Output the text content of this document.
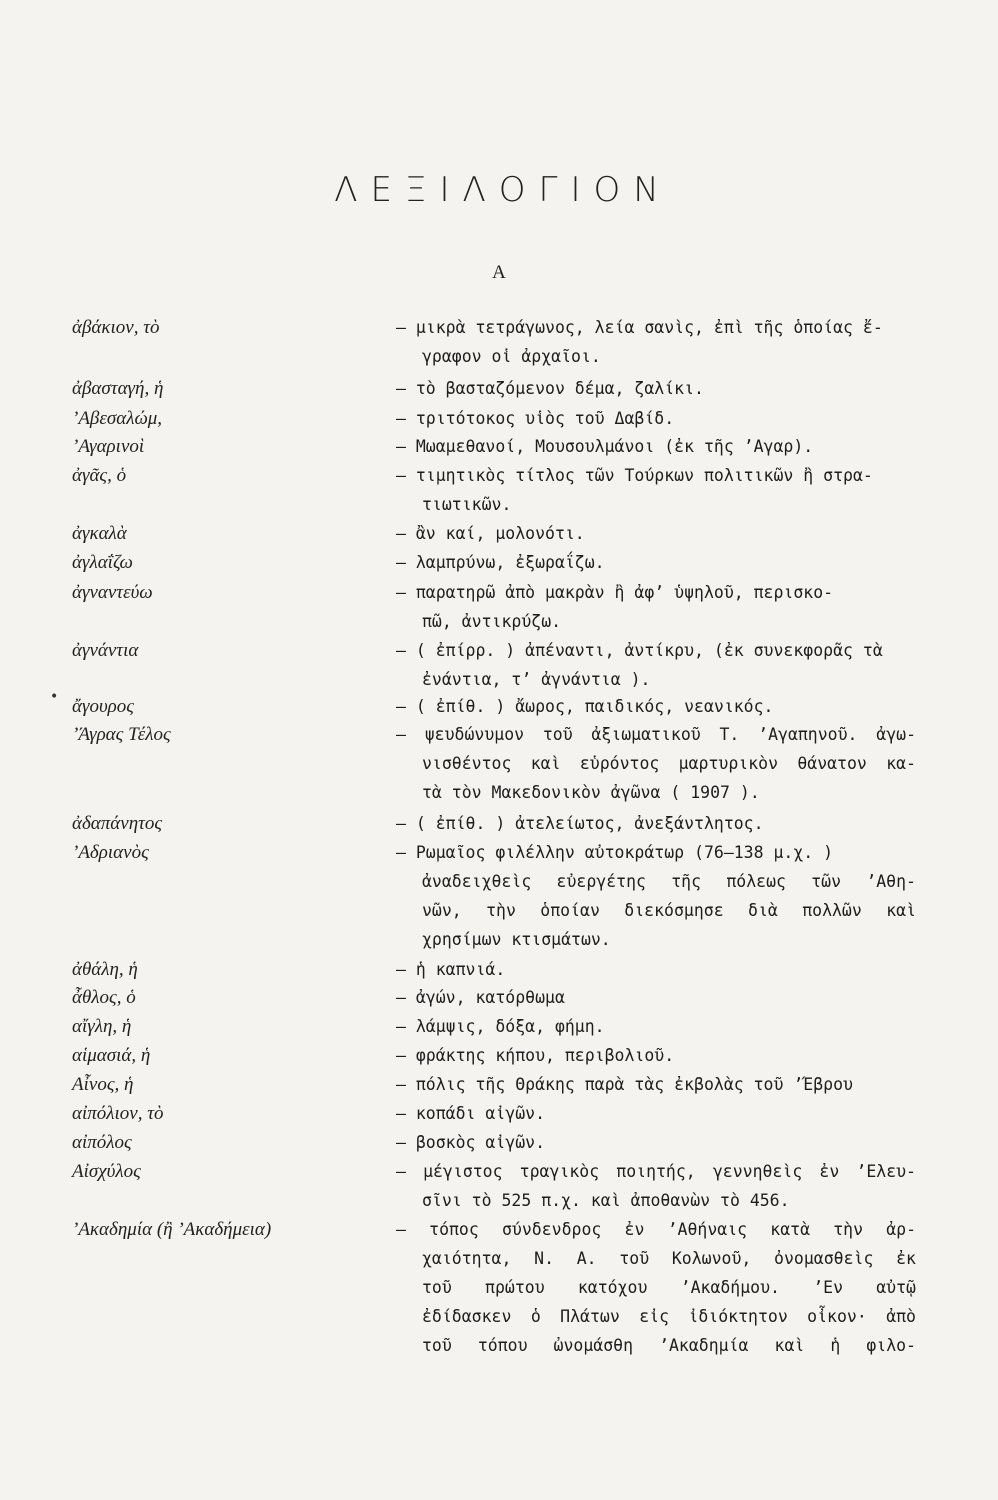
ΛΕΞΙΛΟΓΙΟΝ
Α
•
ἀβάκιον, τὸ	— μικρὰ τετράγωνος, λεία σανὶς, ἐπὶ τῆς ὁποίας ἔ-
γραφον οἱ ἀρχαῖοι.
ἀβασταγή, ἡ	— τὸ βασταζόμενον δέμα, ζαλίκι.
ʼΑβεσαλώμ,	— τριτότοκος υἱὸς τοῦ Δαβίδ.
ʼΑγαρινοὶ	— Μωαμεθανοί, Μουσουλμάνοι (ἐκ τῆς ʼΑγαρ).
ἀγᾶς, ὁ	— τιμητικὸς τίτλος τῶν Τούρκων πολιτικῶν ἢ στρα-
τιωτικῶν.
ἀγκαλὰ	— ἂν καί, μολονότι.
ἀγλαΐζω	— λαμπρύνω, ἐξωραΐζω.
ἀγναντεύω	— παρατηρῶ ἀπὸ μακρὰν ἢ ἀφʼ ὑψηλοῦ, περισκο-
πῶ, ἀντικρύζω.
ἀγνάντια	— ( ἐπίρρ. ) ἀπέναντι, ἀντίκρυ, (ἐκ συνεκφορᾶς τὰ
ἐνάντια, τʼ ἀγνάντια ).
ἄγουρος	— ( ἐπίθ. ) ἄωρος, παιδικός, νεανικός.
ʼΆγρας Τέλος	— ψευδώνυμον τοῦ ἀξιωματικοῦ Τ. ʼΑγαπηνοῦ. ἀγω-
νισθέντος καὶ εὑρόντος μαρτυρικὸν θάνατον κα-
τὰ τὸν Μακεδονικὸν ἀγῶνα ( 1907 ).
ἀδαπάνητος	— ( ἐπίθ. ) ἀτελείωτος, ἀνεξάντλητος.
ʼΑδριανὸς	— Ρωμαῖος φιλέλλην αὐτοκράτωρ (76—138 μ.χ. )
ἀναδειχθεὶς εὐεργέτης τῆς πόλεως τῶν ʼΑθη-
νῶν, τὴν ὁποίαν διεκόσμησε διὰ πολλῶν καὶ
χρησίμων κτισμάτων.
ἀθάλη, ἡ	— ἡ καπνιά.
ἆθλος, ὁ	— ἀγών, κατόρθωμα
αἴγλη, ἡ	— λάμψις, δόξα, φήμη.
αἱμασιά, ἡ	— φράκτης κήπου, περιβολιοῦ.
Αἶνος, ἡ	— πόλις τῆς Θράκης παρὰ τὰς ἐκβολὰς τοῦ ʼΈβρου
αἰπόλιον, τὸ	— κοπάδι αἰγῶν.
αἰπόλος	— βοσκὸς αἰγῶν.
Αἰσχύλος	— μέγιστος τραγικὸς ποιητής, γεννηθεὶς ἐν ʼΕλευ-
σῖνι τὸ 525 π.χ. καὶ ἀποθανὼν τὸ 456.
ʼΑκαδημία (ἢ ʼΑκαδήμεια)	— τόπος σύνδενδρος ἐν ʼΑθήναις κατὰ τὴν ἀρ-
χαιότητα, Ν. Α. τοῦ Κολωνοῦ, ὀνομασθεὶς ἐκ
τοῦ πρώτου κατόχου ʼΑκαδήμου. ʼΕν αὐτῷ
ἐδίδασκεν ὁ Πλάτων εἰς ἰδιόκτητον οἶκον· ἀπὸ
τοῦ τόπου ὠνομάσθη ʼΑκαδημία καὶ ἡ φιλο-
